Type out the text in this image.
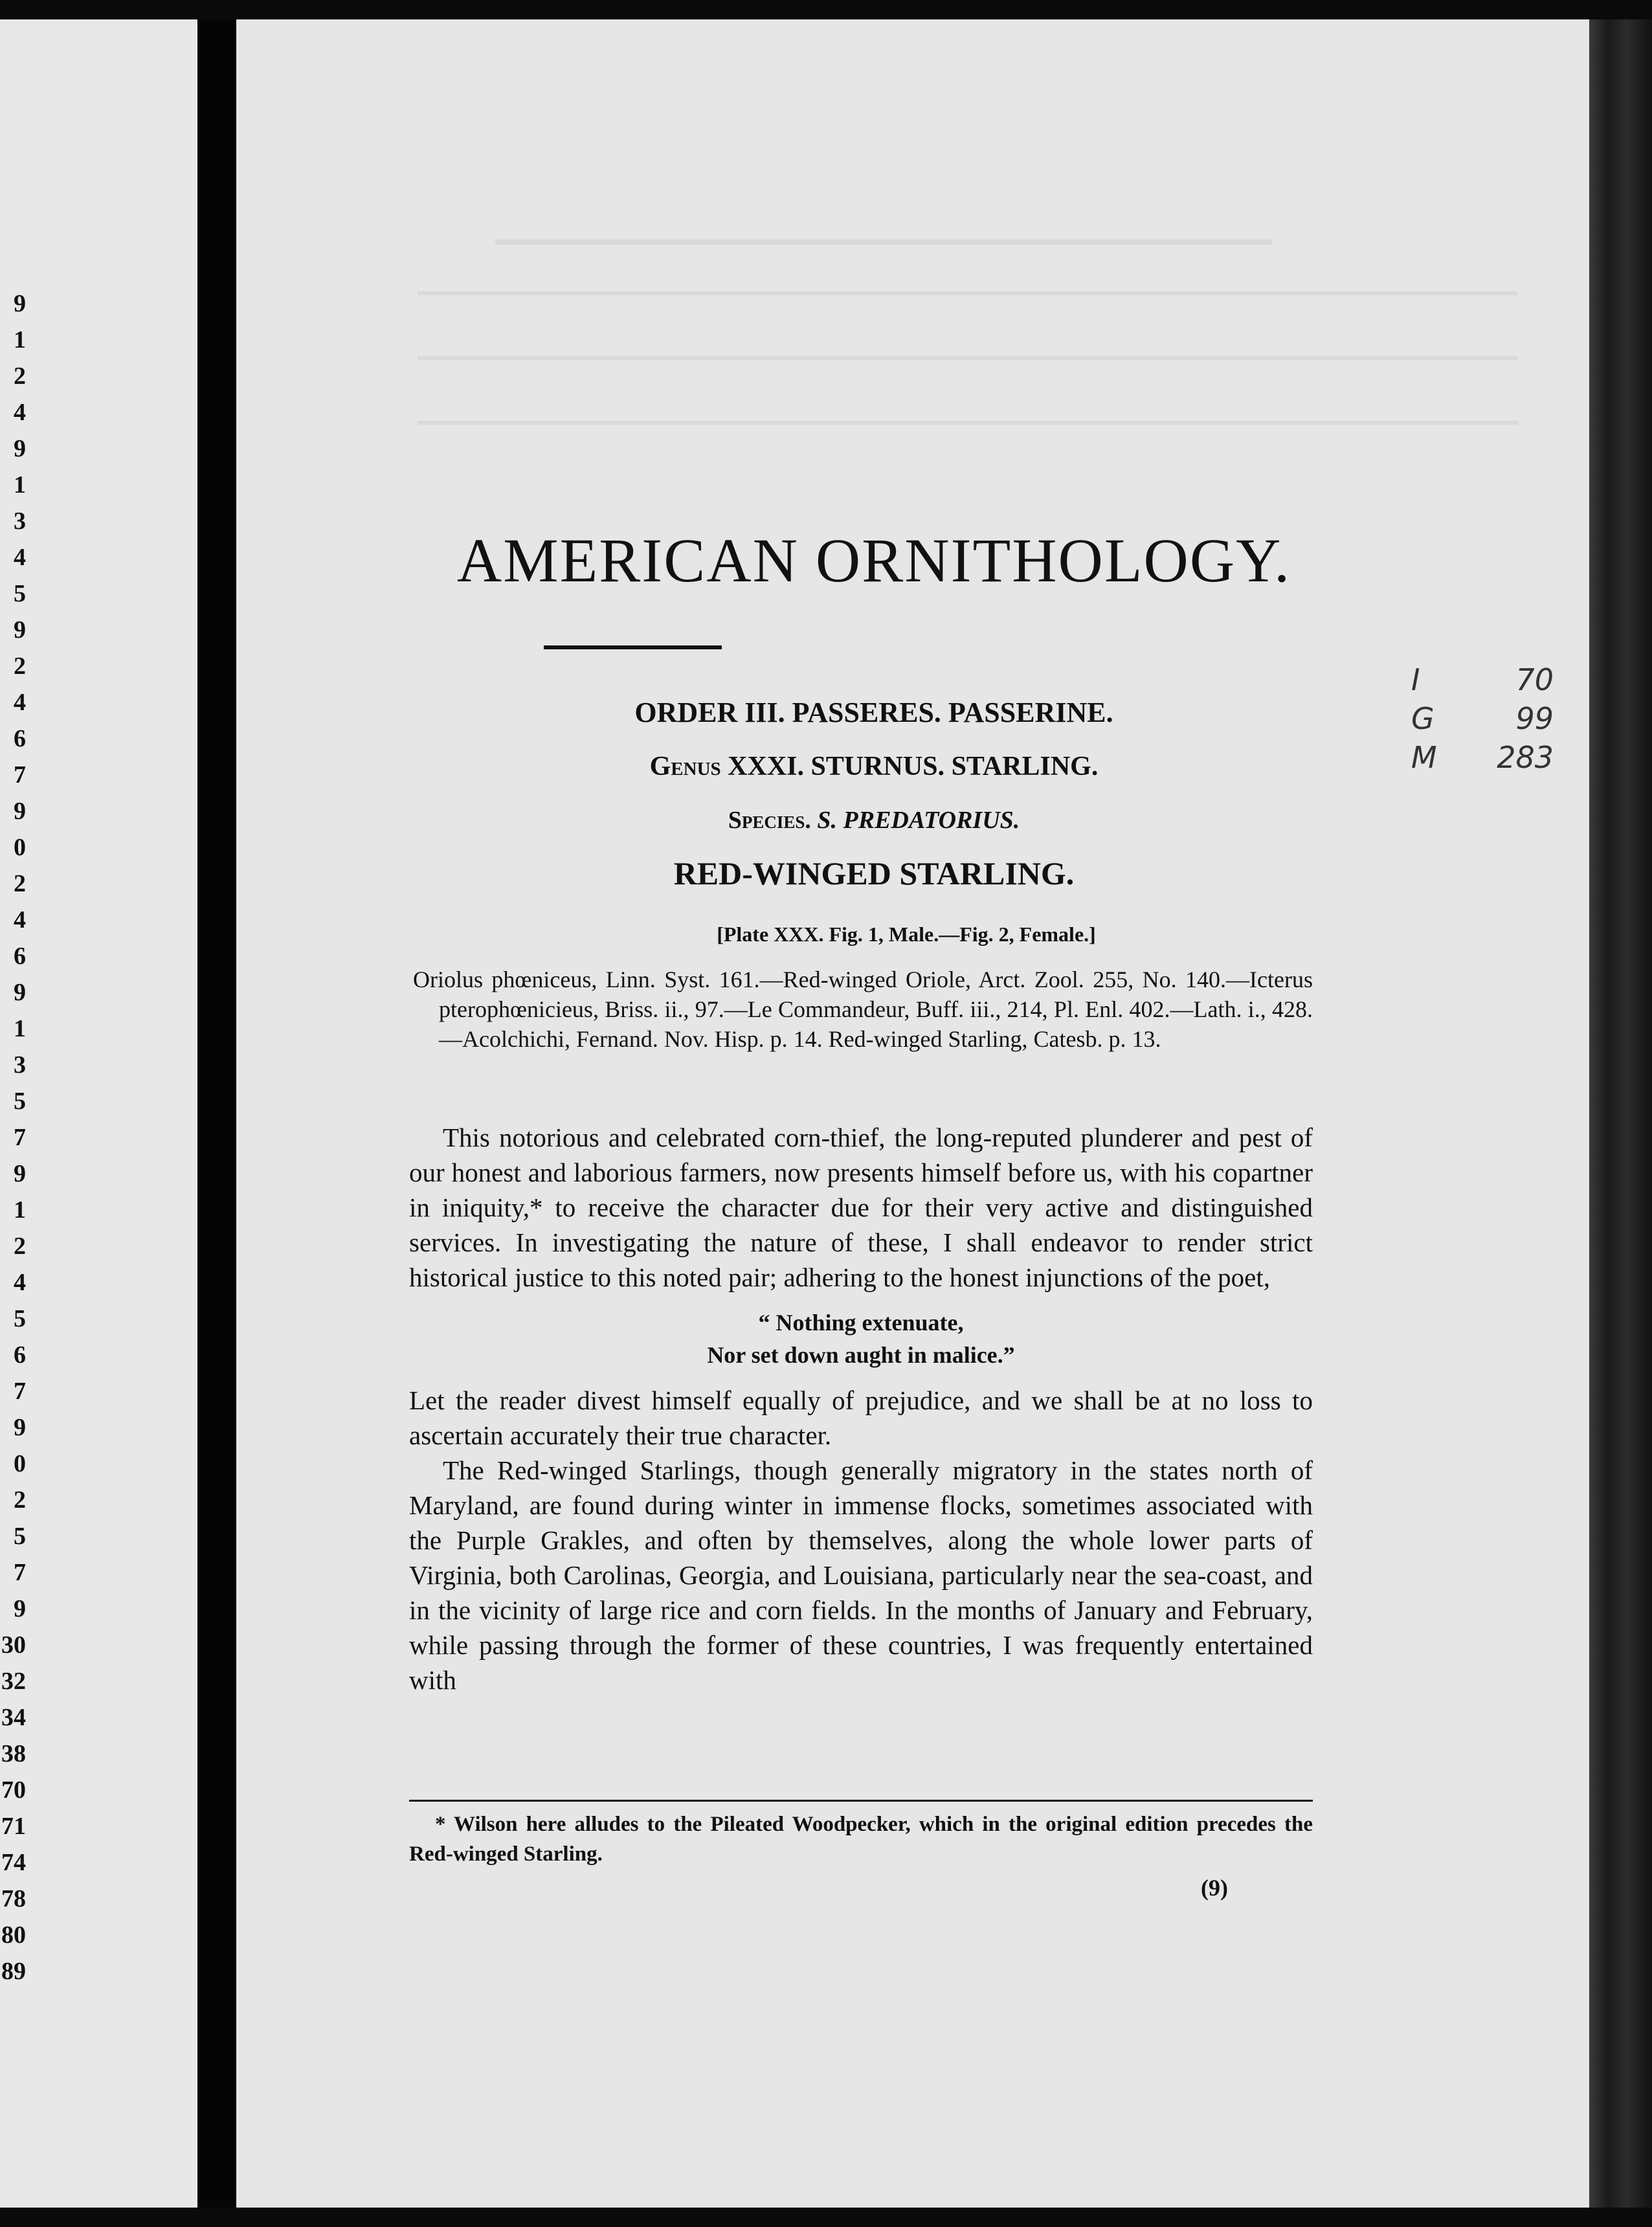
9
1
2
4
9
1
3
4
5
9
2
4
6
7
9
0
2
4
6
9
1
3
5
7
9
1
2
4
5
6
7
9
0
2
5
7
9
30
32
34
38
70
71
74
78
80
89
AMERICAN ORNITHOLOGY.
ORDER III. PASSERES. PASSERINE.
Genus XXXI. STURNUS. STARLING.
Species. S. PREDATORIUS.
RED-WINGED STARLING.
[Plate XXX. Fig. 1, Male.—Fig. 2, Female.]

Oriolus phœniceus, Linn. Syst. 161.—Red-winged Oriole, Arct. Zool. 255, No. 140.—Icterus pterophœnicieus, Briss. ii., 97.—Le Commandeur, Buff. iii., 214, Pl. Enl. 402.—Lath. i., 428.—Acolchichi, Fernand. Nov. Hisp. p. 14. Red-winged Starling, Catesb. p. 13.

This notorious and celebrated corn-thief, the long-reputed plunderer and pest of our honest and laborious farmers, now presents himself before us, with his copartner in iniquity,* to receive the character due for their very active and distinguished services. In investigating the nature of these, I shall endeavor to render strict historical justice to this noted pair; adhering to the honest injunctions of the poet,

“ Nothing extenuate,
Nor set down aught in malice.”

Let the reader divest himself equally of prejudice, and we shall be at no loss to ascertain accurately their true character.

The Red-winged Starlings, though generally migratory in the states north of Maryland, are found during winter in immense flocks, sometimes associated with the Purple Grakles, and often by themselves, along the whole lower parts of Virginia, both Carolinas, Georgia, and Louisiana, particularly near the sea-coast, and in the vicinity of large rice and corn fields. In the months of January and February, while passing through the former of these countries, I was frequently entertained with

* Wilson here alludes to the Pileated Woodpecker, which in the original edition precedes the Red-winged Starling.

(9)
I	70
G	99
M 283
